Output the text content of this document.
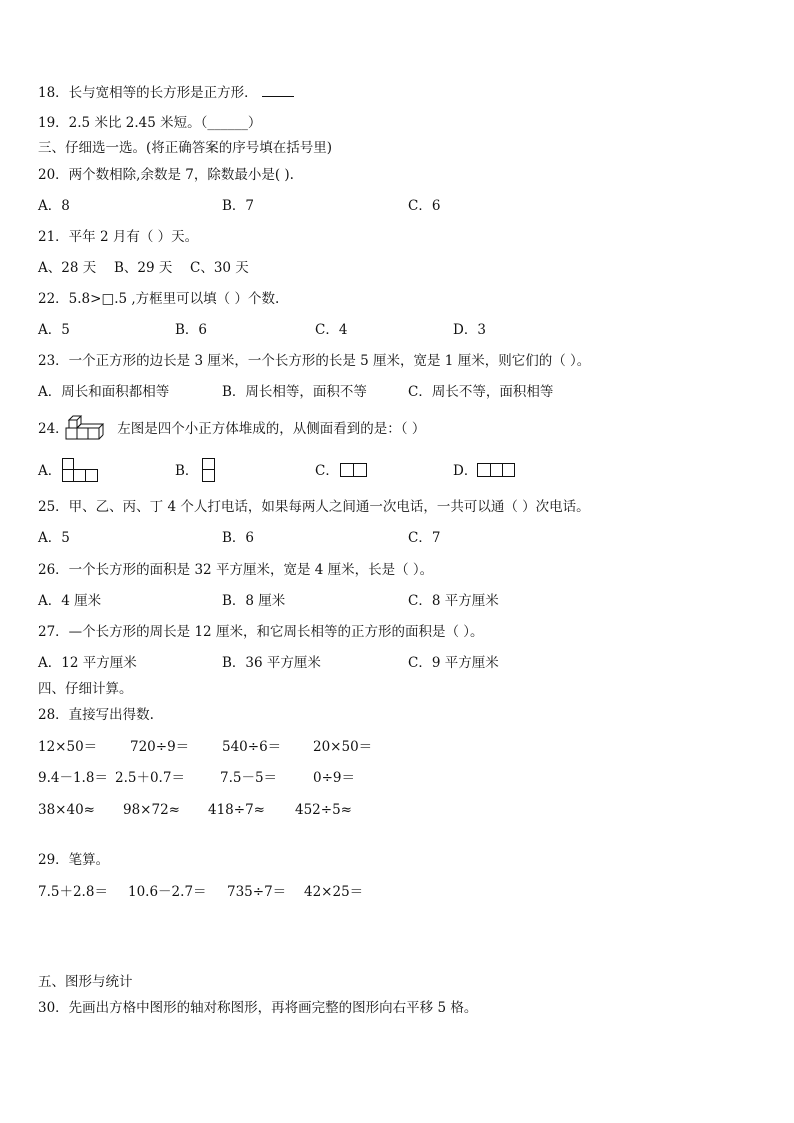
18．长与宽相等的长方形是正方形．
19．2.5 米比 2.45 米短。（______）
三、仔细选一选。(将正确答案的序号填在括号里)
20．两个数相除,余数是 7，除数最小是( ).
A．8	B．7	C．6
21．平年 2 月有（ ）天。
A、28 天 B、29 天 C、30 天
22．5.8>□.5 ,方框里可以填（ ）个数.
A．5	B．6	C．4	D．3
23．一个正方形的边长是 3 厘米，一个长方形的长是 5 厘米，宽是 1 厘米，则它们的（ ）。
A．周长和面积都相等	B．周长相等，面积不等	C．周长不等，面积相等
24．	左图是四个小正方体堆成的，从侧面看到的是：（ ）
A．	B．	C．	D．
25．甲、乙、丙、丁 4 个人打电话，如果每两人之间通一次电话，一共可以通（ ）次电话。
A．5	B．6	C．7
26．一个长方形的面积是 32 平方厘米，宽是 4 厘米，长是（ ）。
A．4 厘米	B．8 厘米	C．8 平方厘米
27．—个长方形的周长是 12 厘米，和它周长相等的正方形的面积是（ ）。
A．12 平方厘米	B．36 平方厘米	C．9 平方厘米
四、仔细计算。
28．直接写出得数.
12×50＝ 720÷9＝ 540÷6＝ 20×50＝
9.4－1.8＝ 2.5＋0.7＝	7.5－5＝	0÷9＝
38×40≈ 98×72≈ 418÷7≈ 452÷5≈
29．笔算。
7.5＋2.8＝ 10.6－2.7＝ 735÷7＝ 42×25＝
五、图形与统计
30．先画出方格中图形的轴对称图形，再将画完整的图形向右平移 5 格。
